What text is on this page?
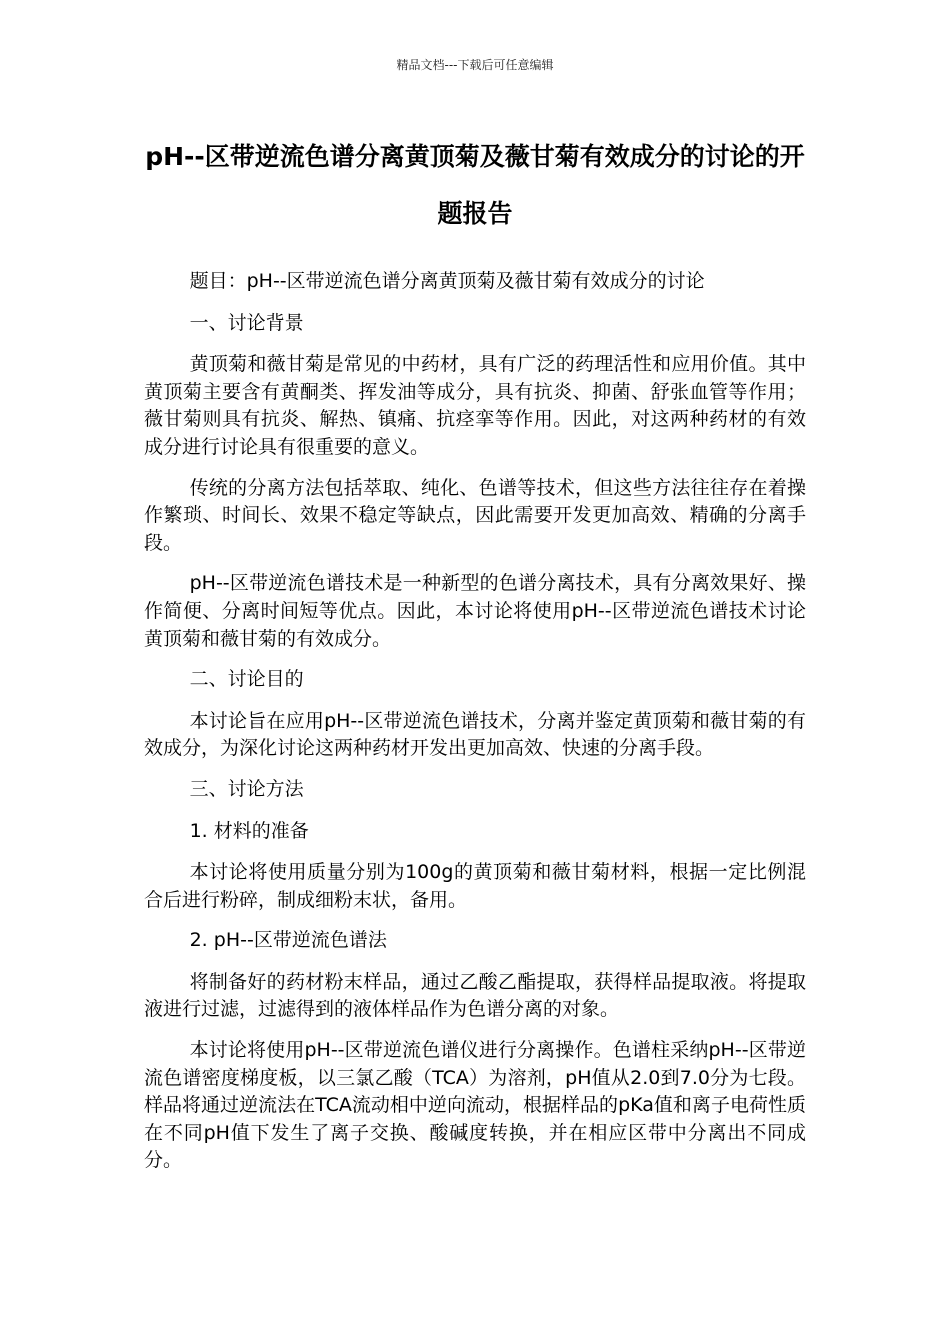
精品文档---下载后可任意编辑
pH--区带逆流色谱分离黄顶菊及薇甘菊有效成分的讨论的开题报告

题目：pH--区带逆流色谱分离黄顶菊及薇甘菊有效成分的讨论

一、讨论背景

黄顶菊和薇甘菊是常见的中药材，具有广泛的药理活性和应用价值。其中黄顶菊主要含有黄酮类、挥发油等成分，具有抗炎、抑菌、舒张血管等作用；薇甘菊则具有抗炎、解热、镇痛、抗痉挛等作用。因此，对这两种药材的有效成分进行讨论具有很重要的意义。

传统的分离方法包括萃取、纯化、色谱等技术，但这些方法往往存在着操作繁琐、时间长、效果不稳定等缺点，因此需要开发更加高效、精确的分离手段。

pH--区带逆流色谱技术是一种新型的色谱分离技术，具有分离效果好、操作简便、分离时间短等优点。因此，本讨论将使用pH--区带逆流色谱技术讨论黄顶菊和薇甘菊的有效成分。

二、讨论目的

本讨论旨在应用pH--区带逆流色谱技术，分离并鉴定黄顶菊和薇甘菊的有效成分，为深化讨论这两种药材开发出更加高效、快速的分离手段。

三、讨论方法

1. 材料的准备

本讨论将使用质量分别为100g的黄顶菊和薇甘菊材料，根据一定比例混合后进行粉碎，制成细粉末状，备用。

2. pH--区带逆流色谱法

将制备好的药材粉末样品，通过乙酸乙酯提取，获得样品提取液。将提取液进行过滤，过滤得到的液体样品作为色谱分离的对象。

本讨论将使用pH--区带逆流色谱仪进行分离操作。色谱柱采纳pH--区带逆流色谱密度梯度板，以三氯乙酸（TCA）为溶剂，pH值从2.0到7.0分为七段。样品将通过逆流法在TCA流动相中逆向流动，根据样品的pKa值和离子电荷性质在不同pH值下发生了离子交换、酸碱度转换，并在相应区带中分离出不同成分。
